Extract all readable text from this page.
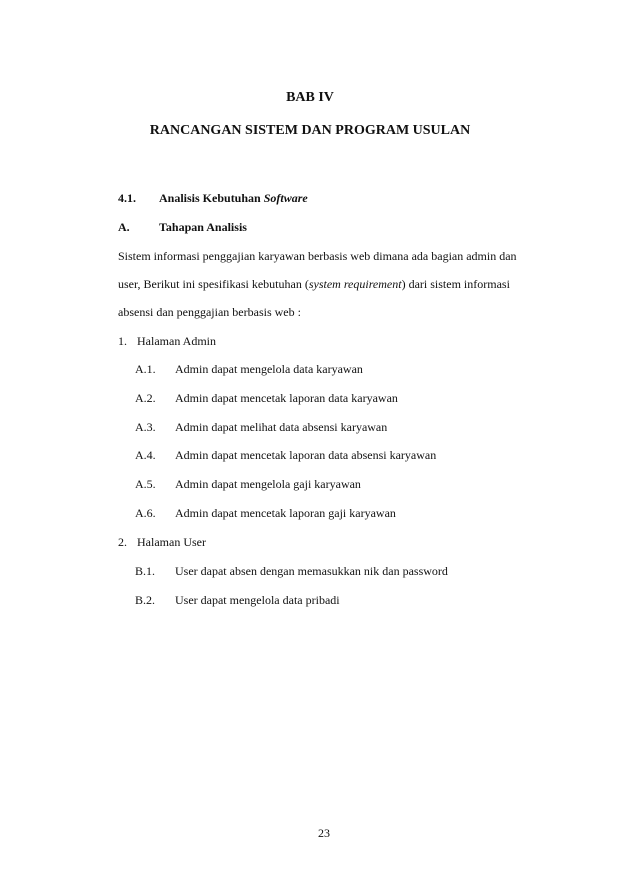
BAB IV
RANCANGAN SISTEM DAN PROGRAM USULAN
4.1. Analisis Kebutuhan Software
A. Tahapan Analisis
Sistem informasi penggajian karyawan berbasis web dimana ada bagian admin dan
user, Berikut ini spesifikasi kebutuhan (system requirement) dari sistem informasi
absensi dan penggajian berbasis web :
1. Halaman Admin
A.1. Admin dapat mengelola data karyawan
A.2. Admin dapat mencetak laporan data karyawan
A.3. Admin dapat melihat data absensi karyawan
A.4. Admin dapat mencetak laporan data absensi karyawan
A.5. Admin dapat mengelola gaji karyawan
A.6. Admin dapat mencetak laporan gaji karyawan
2. Halaman User
B.1. User dapat absen dengan memasukkan nik dan password
B.2. User dapat mengelola data pribadi
23
